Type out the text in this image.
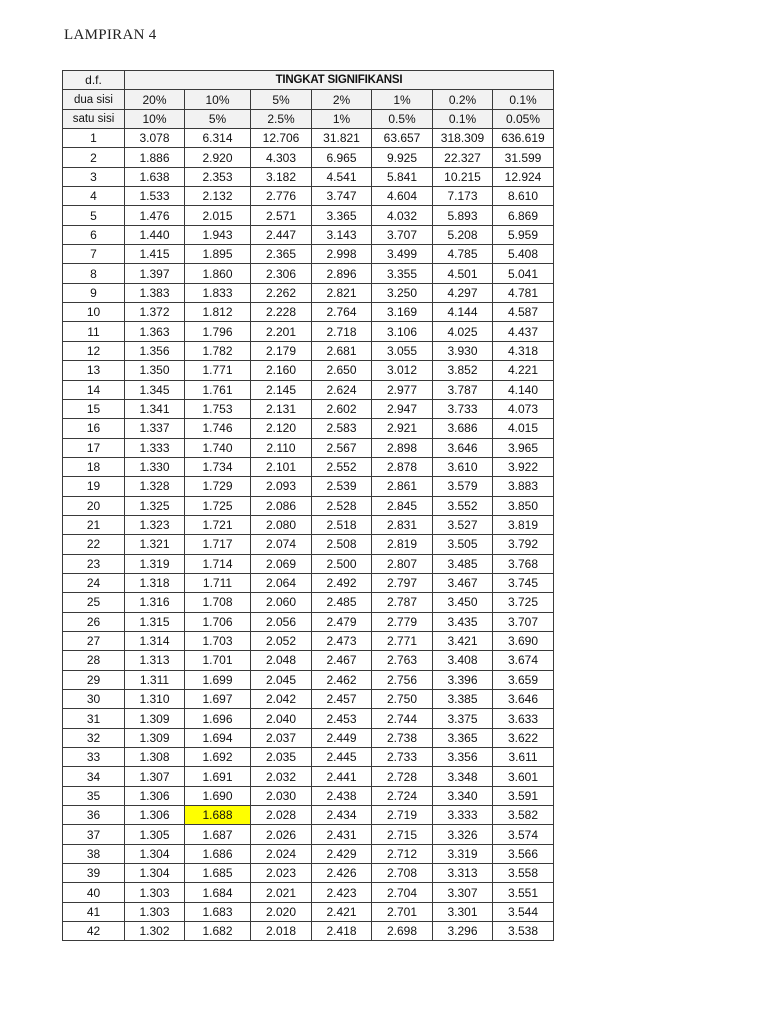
LAMPIRAN 4
d.f.	TINGKAT SIGNIFIKANSI						
dua sisi	20%	10%	5%	2%	1%	0.2%	0.1%
satu sisi	10%	5%	2.5%	1%	0.5%	0.1%	0.05%
1	3.078	6.314	12.706	31.821	63.657	318.309	636.619
2	1.886	2.920	4.303	6.965	9.925	22.327	31.599
3	1.638	2.353	3.182	4.541	5.841	10.215	12.924
4	1.533	2.132	2.776	3.747	4.604	7.173	8.610
5	1.476	2.015	2.571	3.365	4.032	5.893	6.869
6	1.440	1.943	2.447	3.143	3.707	5.208	5.959
7	1.415	1.895	2.365	2.998	3.499	4.785	5.408
8	1.397	1.860	2.306	2.896	3.355	4.501	5.041
9	1.383	1.833	2.262	2.821	3.250	4.297	4.781
10	1.372	1.812	2.228	2.764	3.169	4.144	4.587
11	1.363	1.796	2.201	2.718	3.106	4.025	4.437
12	1.356	1.782	2.179	2.681	3.055	3.930	4.318
13	1.350	1.771	2.160	2.650	3.012	3.852	4.221
14	1.345	1.761	2.145	2.624	2.977	3.787	4.140
15	1.341	1.753	2.131	2.602	2.947	3.733	4.073
16	1.337	1.746	2.120	2.583	2.921	3.686	4.015
17	1.333	1.740	2.110	2.567	2.898	3.646	3.965
18	1.330	1.734	2.101	2.552	2.878	3.610	3.922
19	1.328	1.729	2.093	2.539	2.861	3.579	3.883
20	1.325	1.725	2.086	2.528	2.845	3.552	3.850
21	1.323	1.721	2.080	2.518	2.831	3.527	3.819
22	1.321	1.717	2.074	2.508	2.819	3.505	3.792
23	1.319	1.714	2.069	2.500	2.807	3.485	3.768
24	1.318	1.711	2.064	2.492	2.797	3.467	3.745
25	1.316	1.708	2.060	2.485	2.787	3.450	3.725
26	1.315	1.706	2.056	2.479	2.779	3.435	3.707
27	1.314	1.703	2.052	2.473	2.771	3.421	3.690
28	1.313	1.701	2.048	2.467	2.763	3.408	3.674
29	1.311	1.699	2.045	2.462	2.756	3.396	3.659
30	1.310	1.697	2.042	2.457	2.750	3.385	3.646
31	1.309	1.696	2.040	2.453	2.744	3.375	3.633
32	1.309	1.694	2.037	2.449	2.738	3.365	3.622
33	1.308	1.692	2.035	2.445	2.733	3.356	3.611
34	1.307	1.691	2.032	2.441	2.728	3.348	3.601
35	1.306	1.690	2.030	2.438	2.724	3.340	3.591
36	1.306	1.688	2.028	2.434	2.719	3.333	3.582
37	1.305	1.687	2.026	2.431	2.715	3.326	3.574
38	1.304	1.686	2.024	2.429	2.712	3.319	3.566
39	1.304	1.685	2.023	2.426	2.708	3.313	3.558
40	1.303	1.684	2.021	2.423	2.704	3.307	3.551
41	1.303	1.683	2.020	2.421	2.701	3.301	3.544
42	1.302	1.682	2.018	2.418	2.698	3.296	3.538
